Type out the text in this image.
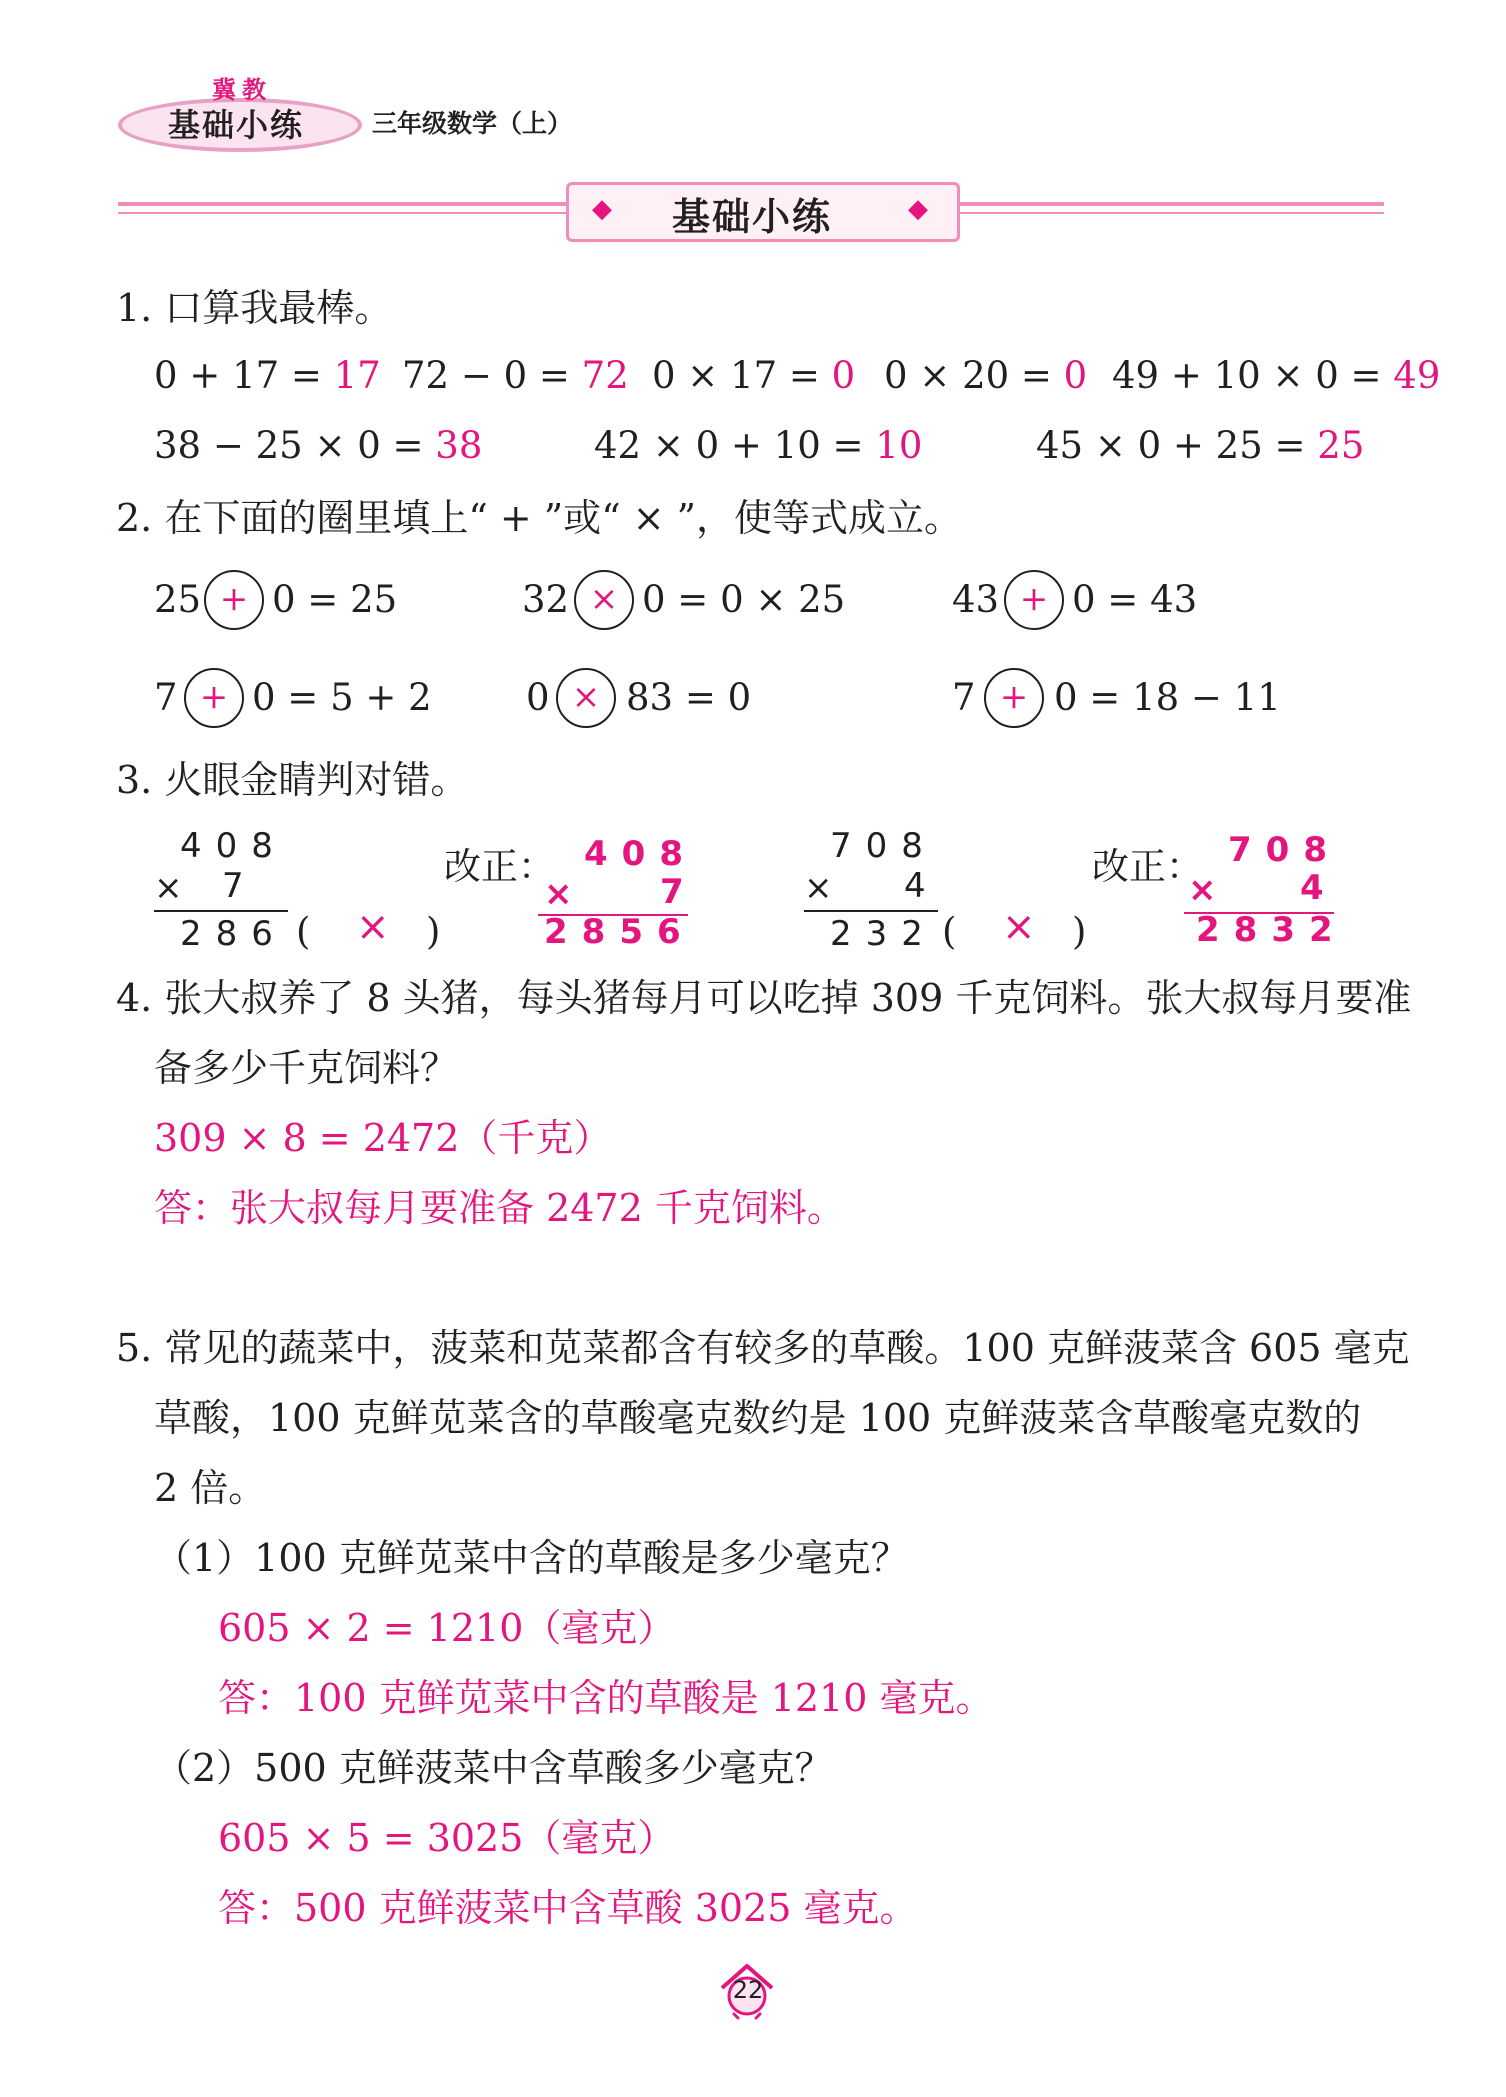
冀教
基础小练	三年级数学（上）
◆	◆
基础小练
1. 口算我最棒。
0 + 17 = 17 72 − 0 = 72 0 × 17 = 0 0 × 20 = 0 49 + 10 × 0 = 49
38 − 25 × 0 = 38	42 × 0 + 10 = 10	45 × 0 + 25 = 25
2. 在下面的圈里填上“ + ”或“ × ”，使等式成立。
25 + 0 = 25	32 × 0 = 0 × 25	43 + 0 = 43
7 + 0 = 5 + 2	0 × 83 = 0	7 + 0 = 18 − 11
3. 火眼金睛判对错。
408
× 7
286 ( × )
改正： 408
× 7
2856
708
× 4
232 ( × )
改正： 708
× 4
2832
4. 张大叔养了 8 头猪，每头猪每月可以吃掉 309 千克饲料。张大叔每月要准
备多少千克饲料？
309 × 8 = 2472（千克）
答：张大叔每月要准备 2472 千克饲料。
5. 常见的蔬菜中，菠菜和苋菜都含有较多的草酸。100 克鲜菠菜含 605 毫克
草酸，100 克鲜苋菜含的草酸毫克数约是 100 克鲜菠菜含草酸毫克数的
2 倍。
（1）100 克鲜苋菜中含的草酸是多少毫克？
605 × 2 = 1210（毫克）
答：100 克鲜苋菜中含的草酸是 1210 毫克。
（2）500 克鲜菠菜中含草酸多少毫克？
605 × 5 = 3025（毫克）
答：500 克鲜菠菜中含草酸 3025 毫克。
22
